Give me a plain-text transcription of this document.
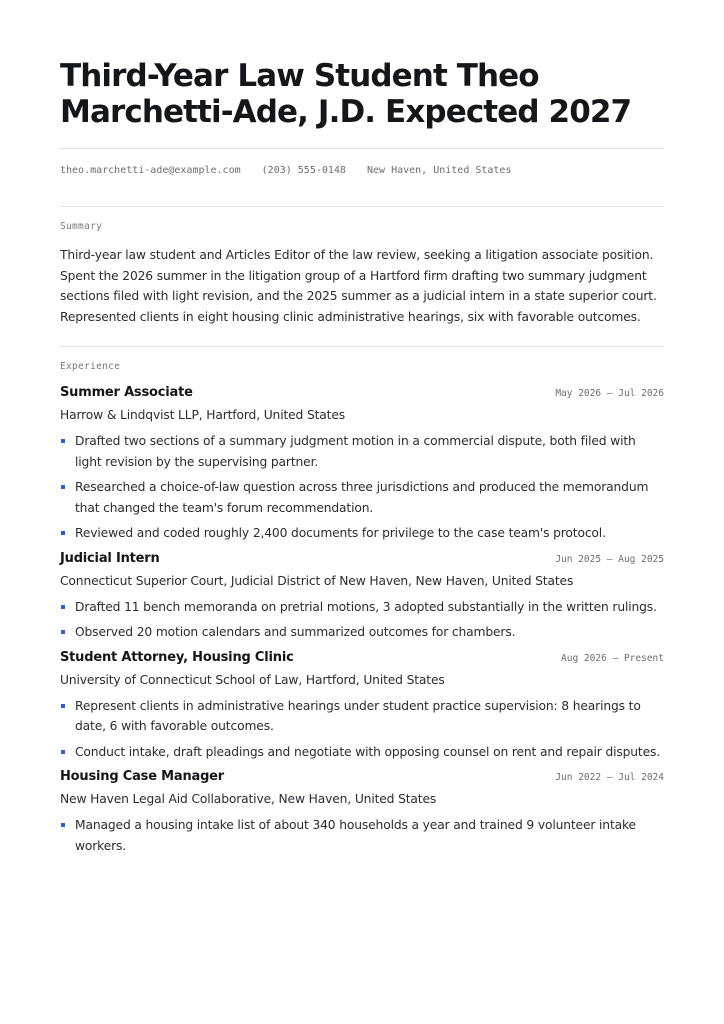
Third-Year Law Student Theo Marchetti-Ade, J.D. Expected 2027
theo.marchetti-ade@example.com (203) 555-0148 New Haven, United States
Summary
Third-year law student and Articles Editor of the law review, seeking a litigation associate position. Spent the 2026 summer in the litigation group of a Hartford firm drafting two summary judgment sections filed with light revision, and the 2025 summer as a judicial intern in a state superior court. Represented clients in eight housing clinic administrative hearings, six with favorable outcomes.
Experience
Summer Associate	May 2026 – Jul 2026
Harrow & Lindqvist LLP, Hartford, United States
Drafted two sections of a summary judgment motion in a commercial dispute, both filed with light revision by the supervising partner.
Researched a choice-of-law question across three jurisdictions and produced the memorandum that changed the team's forum recommendation.
Reviewed and coded roughly 2,400 documents for privilege to the case team's protocol.
Judicial Intern	Jun 2025 – Aug 2025
Connecticut Superior Court, Judicial District of New Haven, New Haven, United States
Drafted 11 bench memoranda on pretrial motions, 3 adopted substantially in the written rulings.
Observed 20 motion calendars and summarized outcomes for chambers.
Student Attorney, Housing Clinic	Aug 2026 – Present
University of Connecticut School of Law, Hartford, United States
Represent clients in administrative hearings under student practice supervision: 8 hearings to date, 6 with favorable outcomes.
Conduct intake, draft pleadings and negotiate with opposing counsel on rent and repair disputes.
Housing Case Manager	Jun 2022 – Jul 2024
New Haven Legal Aid Collaborative, New Haven, United States
Managed a housing intake list of about 340 households a year and trained 9 volunteer intake workers.
